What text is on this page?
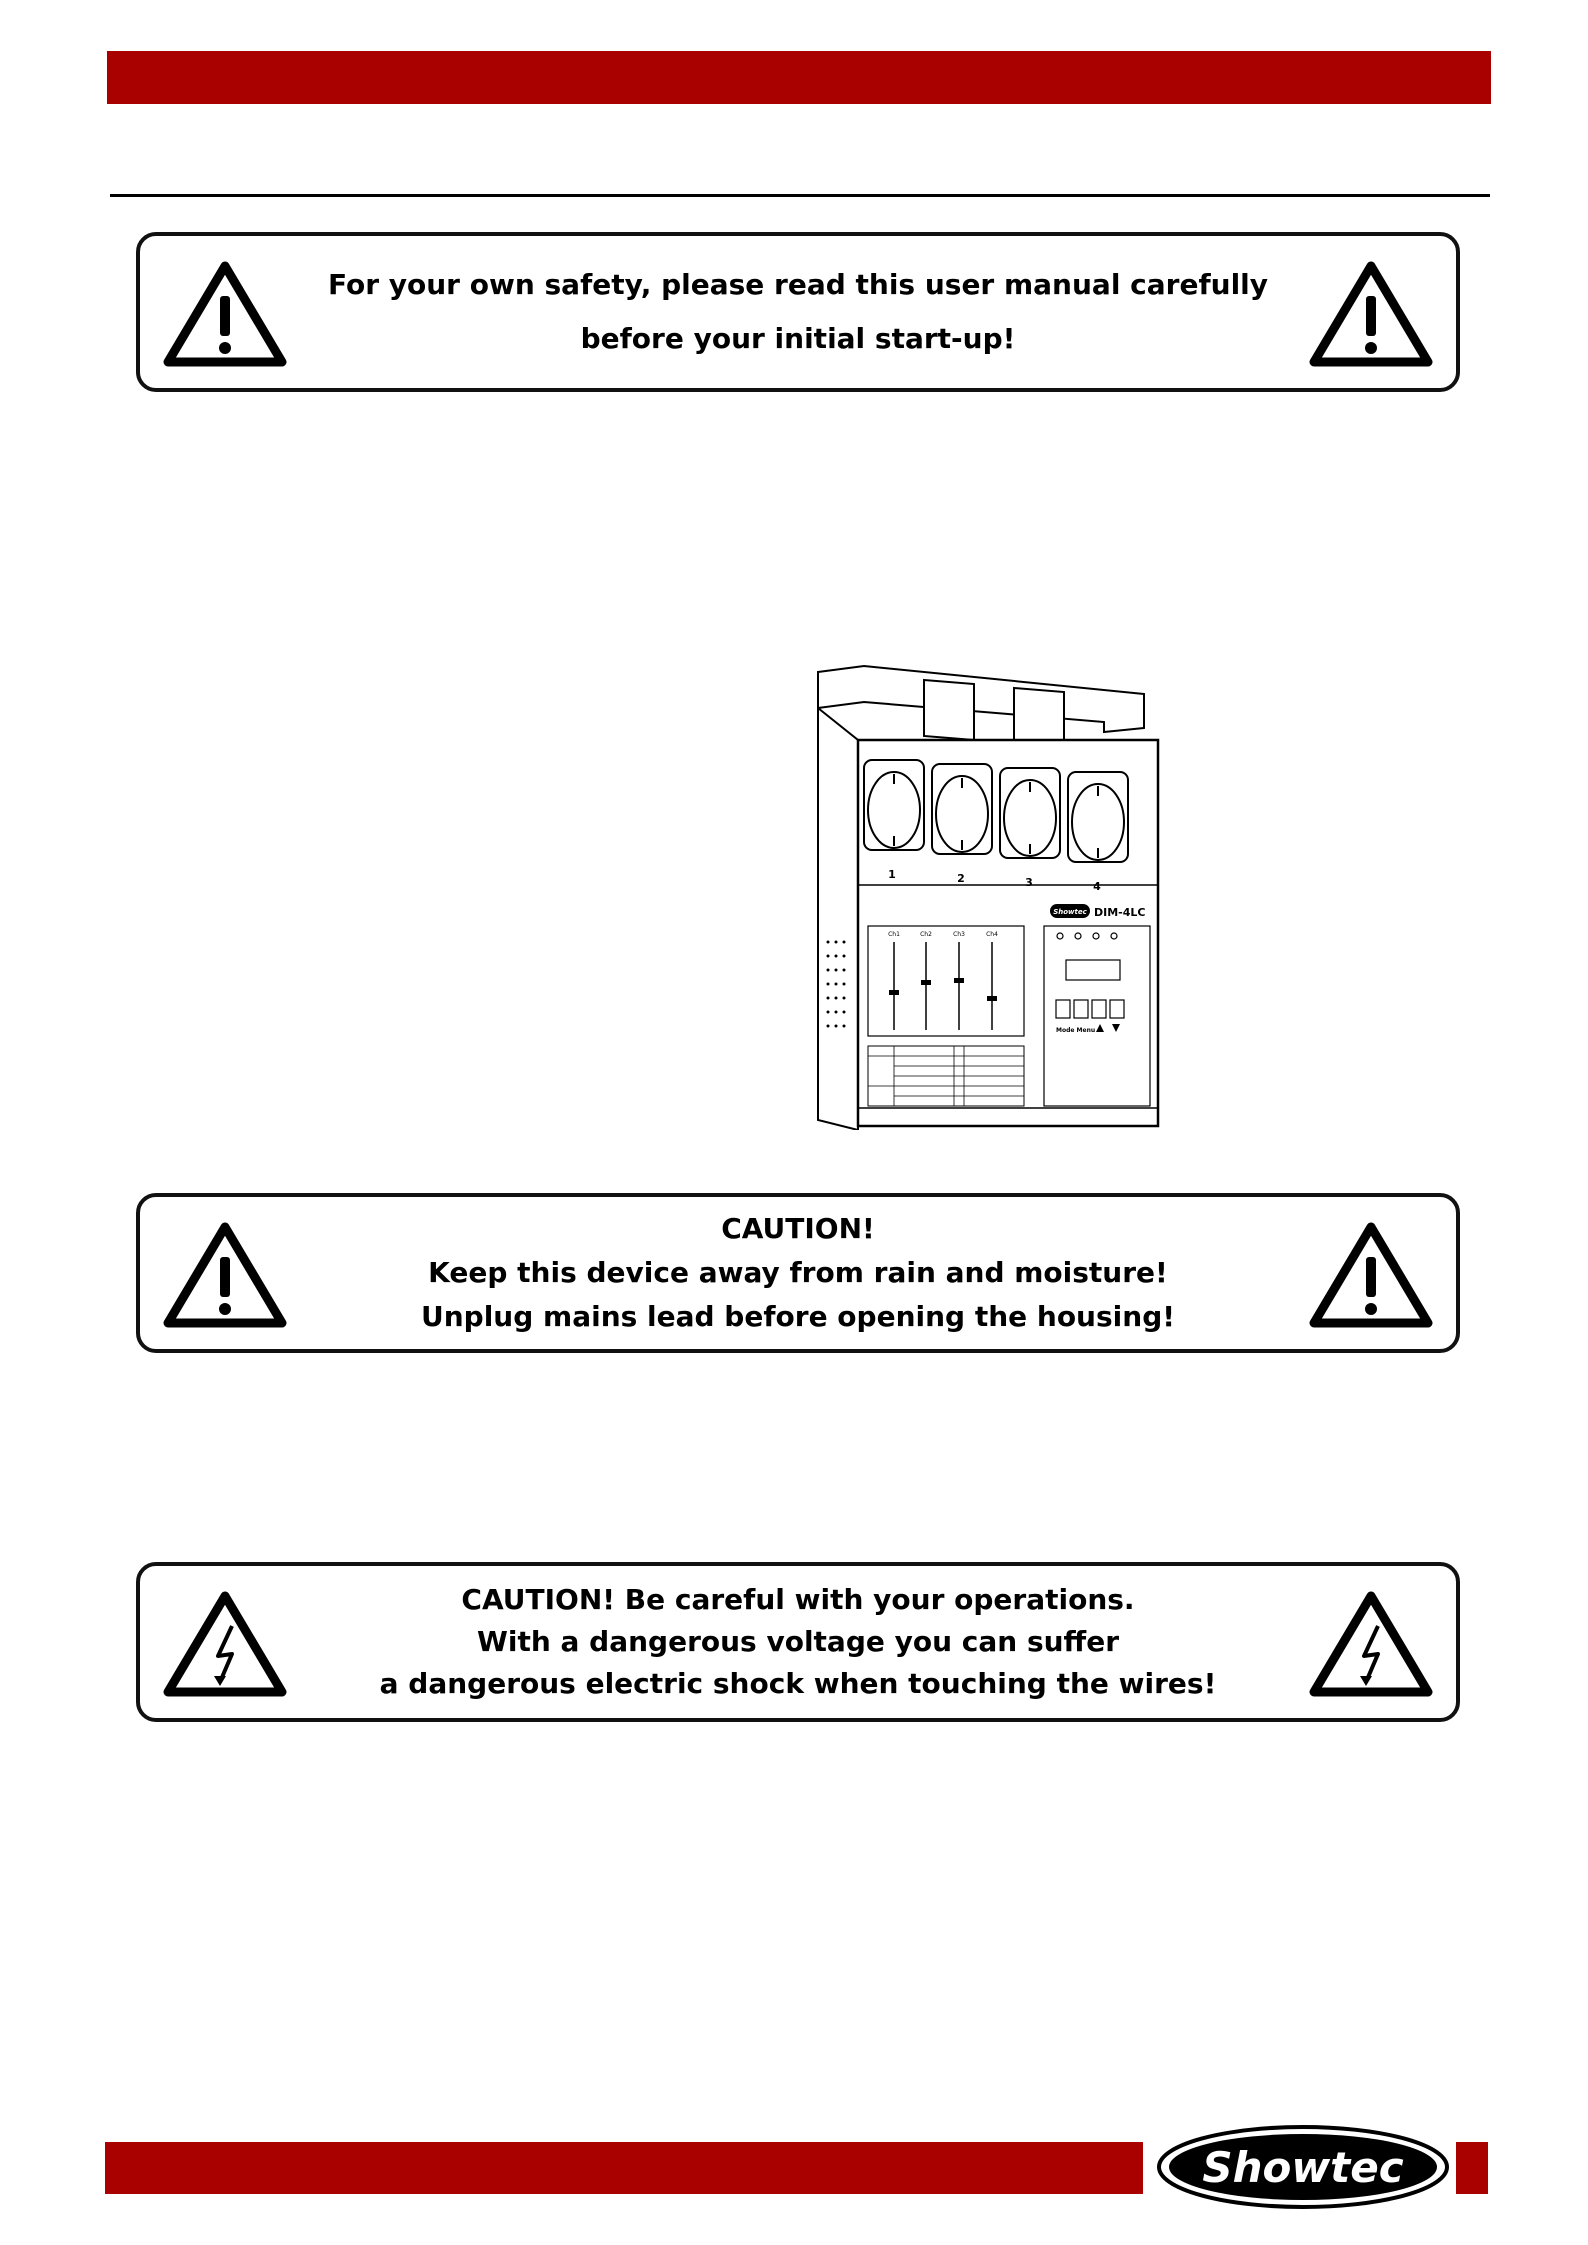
For your own safety, please read this user manual carefully
before your initial start-up!
1	2	3	4
Showtec DIM-4LC
Ch1	Ch2	Ch3	Ch4
Mode Menu
CAUTION!
Keep this device away from rain and moisture!
Unplug mains lead before opening the housing!
CAUTION! Be careful with your operations.
With a dangerous voltage you can suffer
a dangerous electric shock when touching the wires!
Showtec
